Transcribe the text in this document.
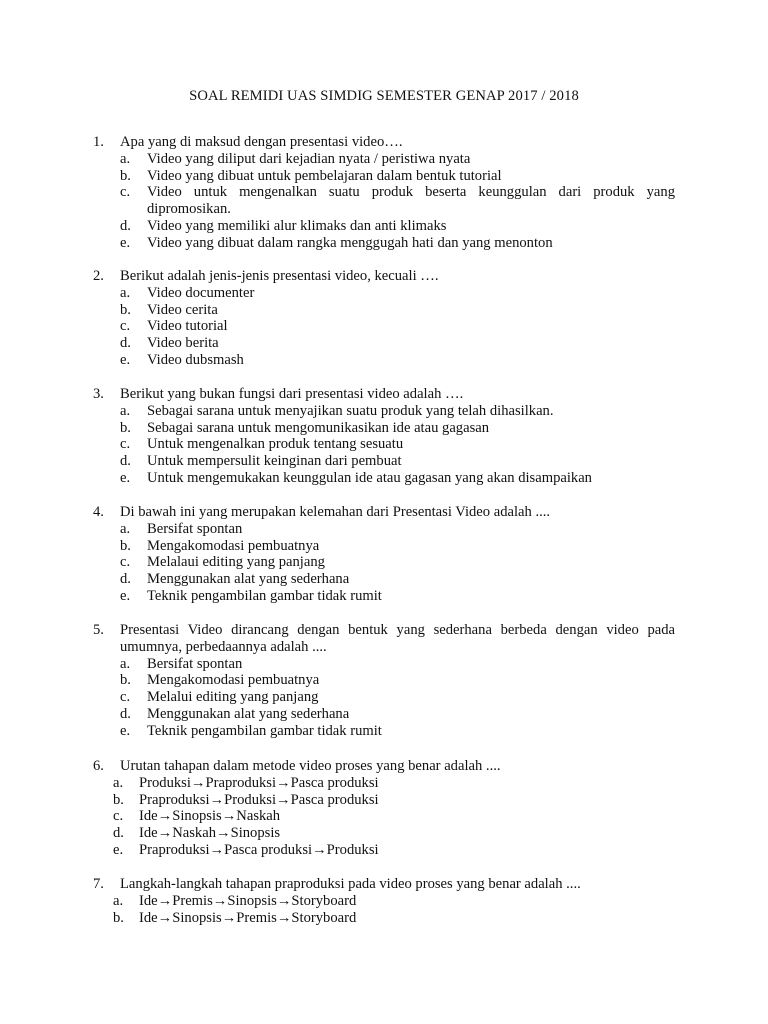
SOAL REMIDI UAS SIMDIG SEMESTER GENAP 2017 / 2018
1.	Apa yang di maksud dengan presentasi video….
a.	Video yang diliput dari kejadian nyata / peristiwa nyata
b.	Video yang dibuat untuk pembelajaran dalam bentuk tutorial
c.	Video untuk mengenalkan suatu produk beserta keunggulan dari produk yang dipromosikan.
d.	Video yang memiliki alur klimaks dan anti klimaks
e.	Video yang dibuat dalam rangka menggugah hati dan yang menonton
2.	Berikut adalah jenis-jenis presentasi video, kecuali ….
a.	Video documenter
b.	Video cerita
c.	Video tutorial
d.	Video berita
e.	Video dubsmash
3.	Berikut yang bukan fungsi dari presentasi video adalah ….
a.	Sebagai sarana untuk menyajikan suatu produk yang telah dihasilkan.
b.	Sebagai sarana untuk mengomunikasikan ide atau gagasan
c.	Untuk mengenalkan produk tentang sesuatu
d.	Untuk mempersulit keinginan dari pembuat
e.	Untuk mengemukakan keunggulan ide atau gagasan yang akan disampaikan
4.	Di bawah ini yang merupakan kelemahan dari Presentasi Video adalah ....
a.	Bersifat spontan
b.	Mengakomodasi pembuatnya
c.	Melalaui editing yang panjang
d.	Menggunakan alat yang sederhana
e.	Teknik pengambilan gambar tidak rumit
5.	Presentasi Video dirancang dengan bentuk yang sederhana berbeda dengan video pada umumnya, perbedaannya adalah ....
a.	Bersifat spontan
b.	Mengakomodasi pembuatnya
c.	Melalui editing yang panjang
d.	Menggunakan alat yang sederhana
e.	Teknik pengambilan gambar tidak rumit
6.	Urutan tahapan dalam metode video proses yang benar adalah ....
a.	Produksi→Praproduksi→Pasca produksi
b.	Praproduksi→Produksi→Pasca produksi
c.	Ide→Sinopsis→Naskah
d.	Ide→Naskah→Sinopsis
e.	Praproduksi→Pasca produksi→Produksi
7.	Langkah-langkah tahapan praproduksi pada video proses yang benar adalah ....
a.	Ide→Premis→Sinopsis→Storyboard
b.	Ide→Sinopsis→Premis→Storyboard
